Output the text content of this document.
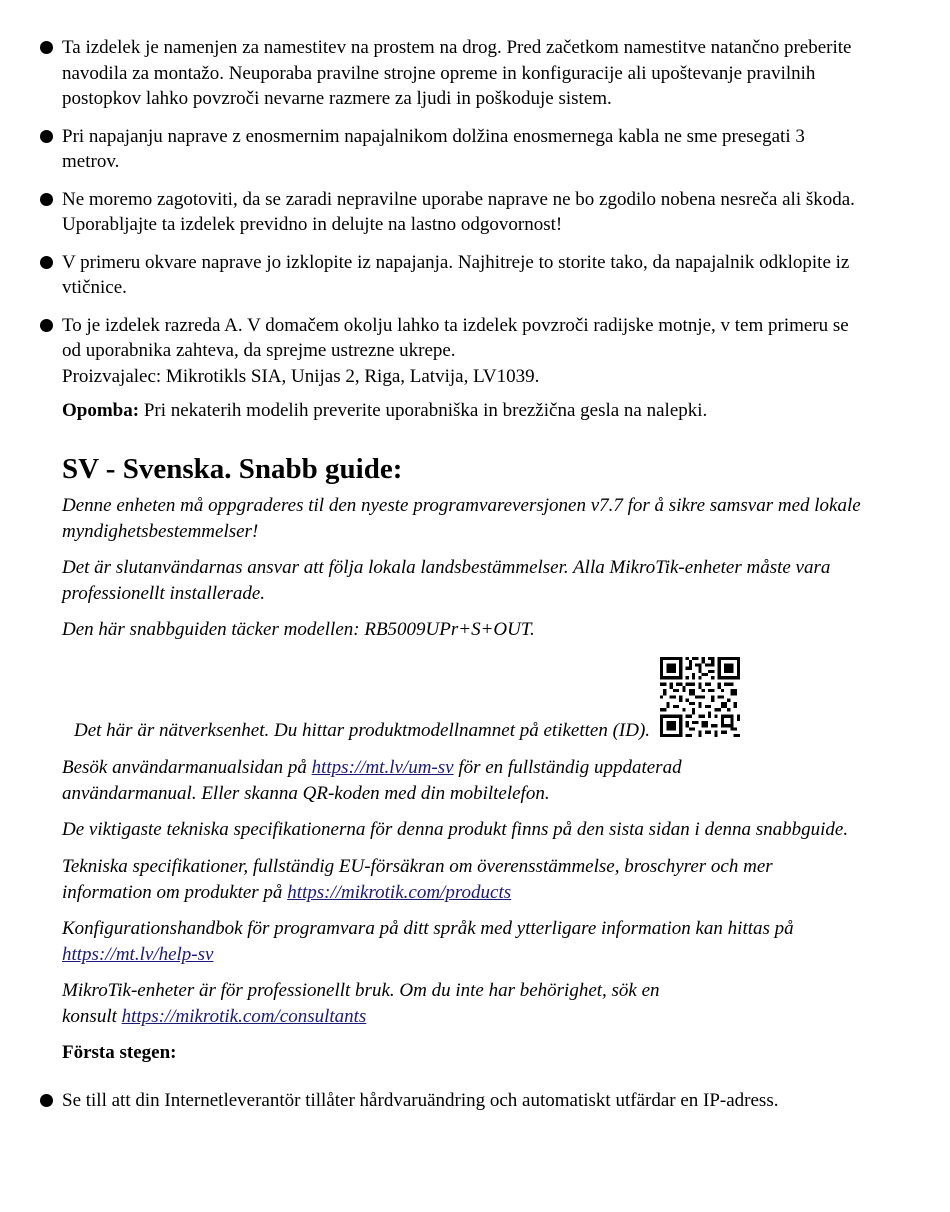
Ta izdelek je namenjen za namestitev na prostem na drog. Pred začetkom namestitve natančno preberite navodila za montažo. Neuporaba pravilne strojne opreme in konfiguracije ali upoštevanje pravilnih postopkov lahko povzroči nevarne razmere za ljudi in poškoduje sistem.

Pri napajanju naprave z enosmernim napajalnikom dolžina enosmernega kabla ne sme presegati 3 metrov.

Ne moremo zagotoviti, da se zaradi nepravilne uporabe naprave ne bo zgodilo nobena nesreča ali škoda. Uporabljajte ta izdelek previdno in delujte na lastno odgovornost!

V primeru okvare naprave jo izklopite iz napajanja. Najhitreje to storite tako, da napajalnik odklopite iz vtičnice.

To je izdelek razreda A. V domačem okolju lahko ta izdelek povzroči radijske motnje, v tem primeru se od uporabnika zahteva, da sprejme ustrezne ukrepe.

Proizvajalec: Mikrotikls SIA, Unijas 2, Riga, Latvija, LV1039.

Opomba: Pri nekaterih modelih preverite uporabniška in brezžična gesla na nalepki.

SV - Svenska. Snabb guide:

Denne enheten må oppgraderes til den nyeste programvareversjonen v7.7 for å sikre samsvar med lokale myndighetsbestemmelser!

Det är slutanvändarnas ansvar att följa lokala landsbestämmelser. Alla MikroTik-enheter måste vara professionellt installerade.

Den här snabbguiden täcker modellen: RB5009UPr+S+OUT.

Det här är nätverksenhet. Du hittar produktmodellnamnet på etiketten (ID).

Besök användarmanualsidan på https://mt.lv/um-sv för en fullständig uppdaterad användarmanual. Eller skanna QR-koden med din mobiltelefon.

De viktigaste tekniska specifikationerna för denna produkt finns på den sista sidan i denna snabbguide.

Tekniska specifikationer, fullständig EU-försäkran om överensstämmelse, broschyrer och mer information om produkter på https://mikrotik.com/products

Konfigurationshandbok för programvara på ditt språk med ytterligare information kan hittas på https://mt.lv/help-sv

MikroTik-enheter är för professionellt bruk. Om du inte har behörighet, sök en konsult https://mikrotik.com/consultants

Första stegen:

Se till att din Internetleverantör tillåter hårdvaruändring och automatiskt utfärdar en IP-adress.
